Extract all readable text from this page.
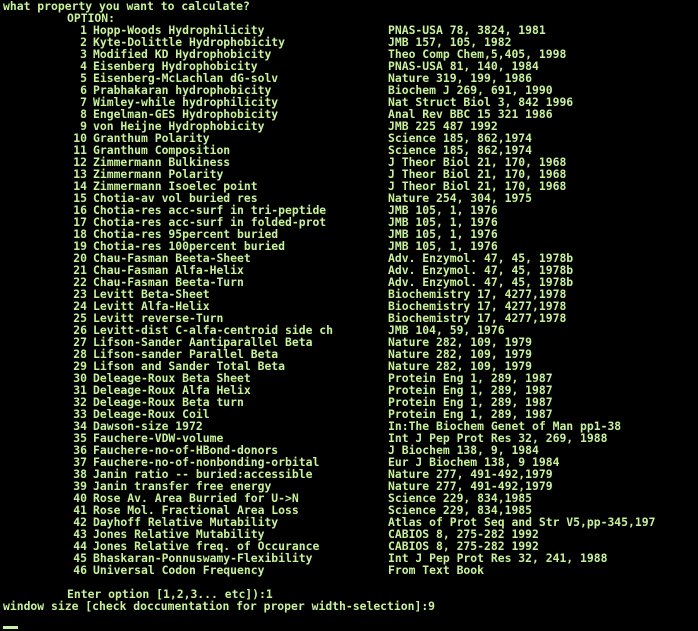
what property you want to calculate?
OPTION:
1 Hopp-Woods Hydrophilicity	PNAS-USA 78, 3824, 1981
2 Kyte-Dolittle Hydrophobicity	JMB 157, 105, 1982
3 Modified KD Hydrophobicity	Theo Comp Chem,5,405, 1998
4 Eisenberg Hydrophobicity	PNAS-USA 81, 140, 1984
5 Eisenberg-McLachlan dG-solv	Nature 319, 199, 1986
6 Prabhakaran hydrophobicity	Biochem J 269, 691, 1990
7 Wimley-while hydrophilicity	Nat Struct Biol 3, 842 1996
8 Engelman-GES Hydrophobicity	Anal Rev BBC 15 321 1986
9 von Heijne Hydrophobicity	JMB 225 487 1992
10 Granthum Polarity	Science 185, 862,1974
11 Granthum Composition	Science 185, 862,1974
12 Zimmermann Bulkiness	J Theor Biol 21, 170, 1968
13 Zimmermann Polarity	J Theor Biol 21, 170, 1968
14 Zimmermann Isoelec point	J Theor Biol 21, 170, 1968
15 Chotia-av vol buried res	Nature 254, 304, 1975
16 Chotia-res acc-surf in tri-peptide	JMB 105, 1, 1976
17 Chotia-res acc-surf in folded-prot	JMB 105, 1, 1976
18 Chotia-res 95percent buried	JMB 105, 1, 1976
19 Chotia-res 100percent buried	JMB 105, 1, 1976
20 Chau-Fasman Beeta-Sheet	Adv. Enzymol. 47, 45, 1978b
21 Chau-Fasman Alfa-Helix	Adv. Enzymol. 47, 45, 1978b
22 Chau-Fasman Beeta-Turn	Adv. Enzymol. 47, 45, 1978b
23 Levitt Beta-Sheet	Biochemistry 17, 4277,1978
24 Levitt Alfa-Helix	Biochemistry 17, 4277,1978
25 Levitt reverse-Turn	Biochemistry 17, 4277,1978
26 Levitt-dist C-alfa-centroid side ch	JMB 104, 59, 1976
27 Lifson-Sander Aantiparallel Beta	Nature 282, 109, 1979
28 Lifson-sander Parallel Beta	Nature 282, 109, 1979
29 Lifson and Sander Total Beta	Nature 282, 109, 1979
30 Deleage-Roux Beta Sheet	Protein Eng 1, 289, 1987
31 Deleage-Roux Alfa Helix	Protein Eng 1, 289, 1987
32 Deleage-Roux Beta turn	Protein Eng 1, 289, 1987
33 Deleage-Roux Coil	Protein Eng 1, 289, 1987
34 Dawson-size 1972	In:The Biochem Genet of Man pp1-38
35 Fauchere-VDW-volume	Int J Pep Prot Res 32, 269, 1988
36 Fauchere-no-of-HBond-donors	J Biochem 138, 9, 1984
37 Fauchere-no-of-nonbonding-orbital	Eur J Biochem 138, 9 1984
38 Janin ratio -- buried:accessible	Nature 277, 491-492,1979
39 Janin transfer free energy	Nature 277, 491-492,1979
40 Rose Av. Area Burried for U->N	Science 229, 834,1985
41 Rose Mol. Fractional Area Loss	Science 229, 834,1985
42 Dayhoff Relative Mutability	Atlas of Prot Seq and Str V5,pp-345,197
43 Jones Relative Mutability	CABIOS 8, 275-282 1992
44 Jones Relative freq. of Occurance	CABIOS 8, 275-282 1992
45 Bhaskaran-Ponnuswamy-Flexibility	Int J Pep Prot Res 32, 241, 1988
46 Universal Codon Frequency	From Text Book
Enter option [1,2,3... etc]):1
window size [check doccumentation for proper width-selection]:9
